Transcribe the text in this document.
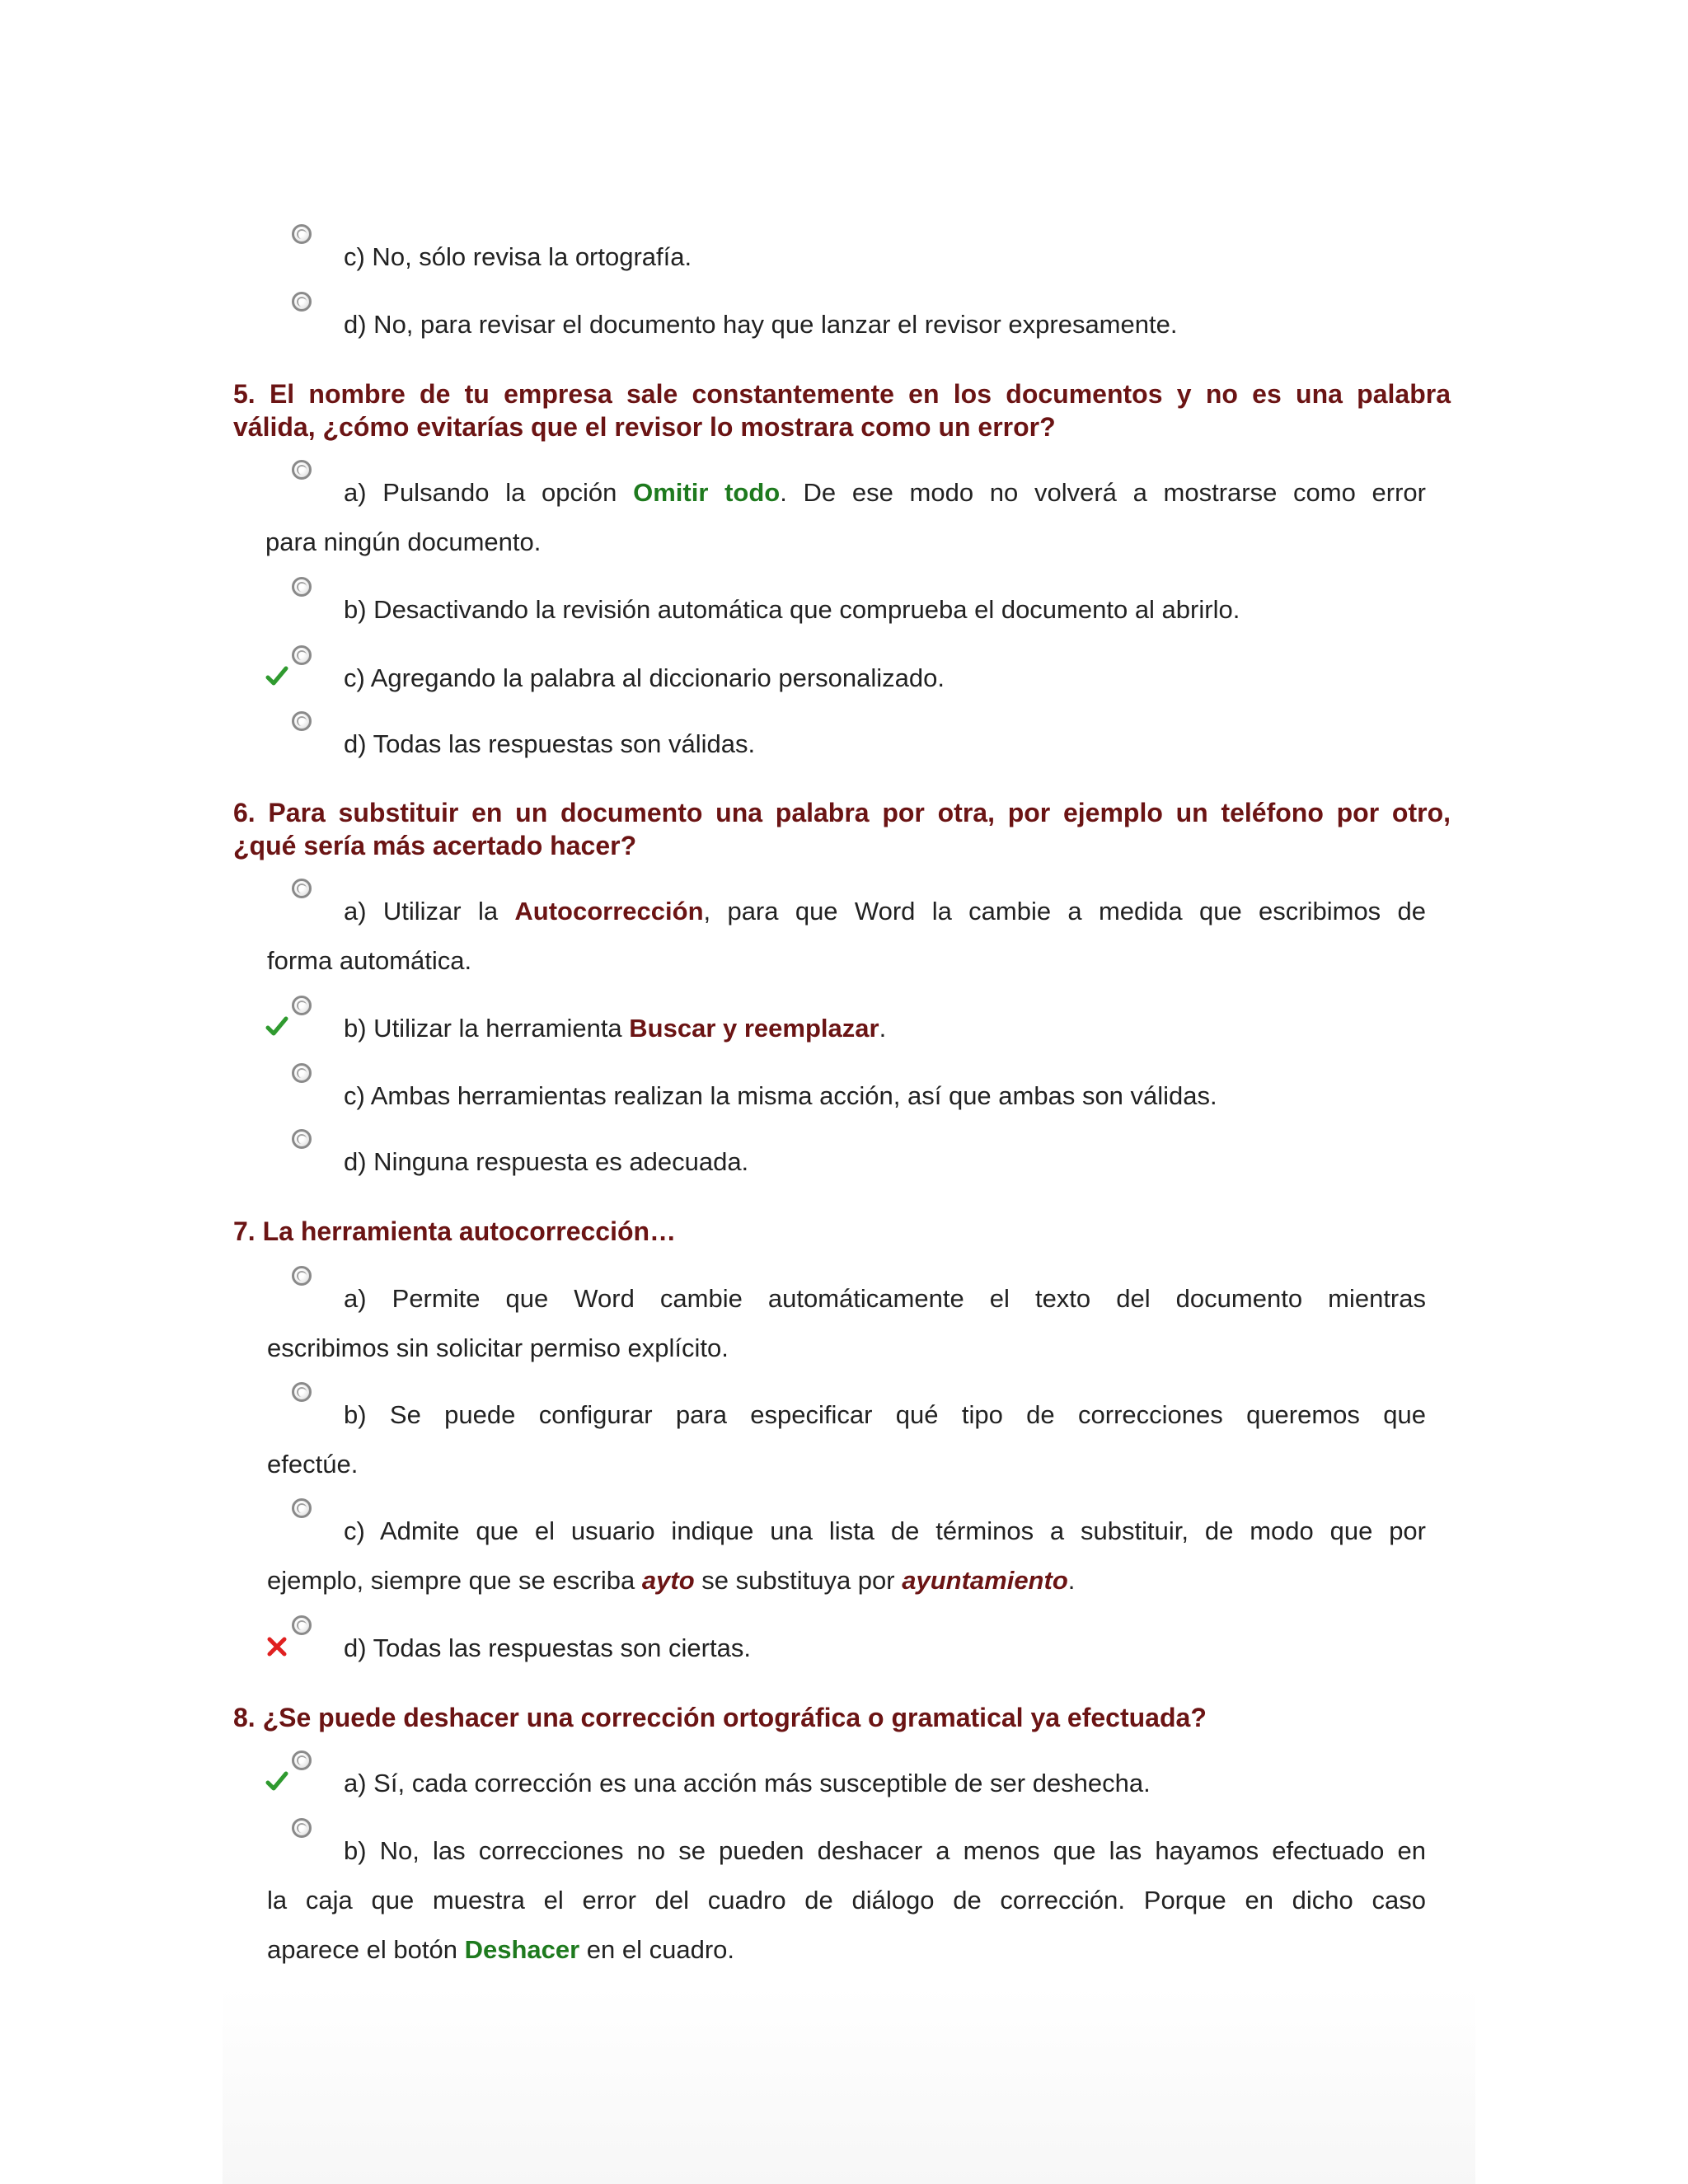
c) No, sólo revisa la ortografía.
d) No, para revisar el documento hay que lanzar el revisor expresamente.
5. El nombre de tu empresa sale constantemente en los documentos y no es una palabra
válida, ¿cómo evitarías que el revisor lo mostrara como un error?
a) Pulsando la opción Omitir todo. De ese modo no volverá a mostrarse como error
para ningún documento.
b) Desactivando la revisión automática que comprueba el documento al abrirlo.
c) Agregando la palabra al diccionario personalizado.
d) Todas las respuestas son válidas.
6. Para substituir en un documento una palabra por otra, por ejemplo un teléfono por otro,
¿qué sería más acertado hacer?
a) Utilizar la Autocorrección, para que Word la cambie a medida que escribimos de
forma automática.
b) Utilizar la herramienta Buscar y reemplazar.
c) Ambas herramientas realizan la misma acción, así que ambas son válidas.
d) Ninguna respuesta es adecuada.
7. La herramienta autocorrección…
a) Permite que Word cambie automáticamente el texto del documento mientras
escribimos sin solicitar permiso explícito.
b) Se puede configurar para especificar qué tipo de correcciones queremos que
efectúe.
c) Admite que el usuario indique una lista de términos a substituir, de modo que por
ejemplo, siempre que se escriba ayto se substituya por ayuntamiento.
d) Todas las respuestas son ciertas.
8. ¿Se puede deshacer una corrección ortográfica o gramatical ya efectuada?
a) Sí, cada corrección es una acción más susceptible de ser deshecha.
b) No, las correcciones no se pueden deshacer a menos que las hayamos efectuado en
la caja que muestra el error del cuadro de diálogo de corrección. Porque en dicho caso
aparece el botón Deshacer en el cuadro.
